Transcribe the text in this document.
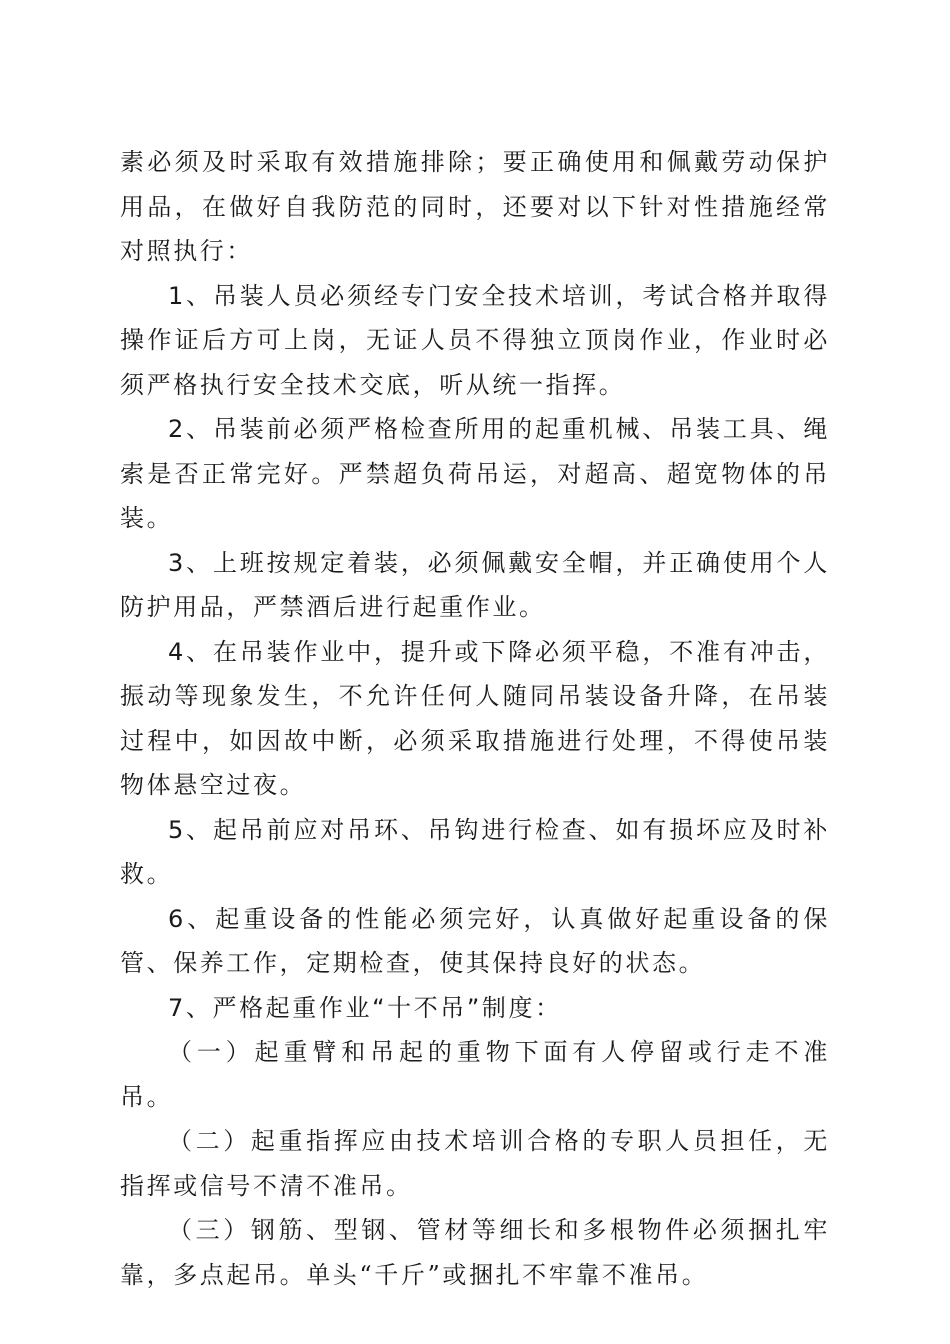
素必须及时采取有效措施排除；要正确使用和佩戴劳动保护用品，在做好自我防范的同时，还要对以下针对性措施经常对照执行：

1、吊装人员必须经专门安全技术培训，考试合格并取得操作证后方可上岗，无证人员不得独立顶岗作业，作业时必须严格执行安全技术交底，听从统一指挥。

2、吊装前必须严格检查所用的起重机械、吊装工具、绳索是否正常完好。严禁超负荷吊运，对超高、超宽物体的吊装。

3、上班按规定着装，必须佩戴安全帽，并正确使用个人防护用品，严禁酒后进行起重作业。

4、在吊装作业中，提升或下降必须平稳，不准有冲击，振动等现象发生，不允许任何人随同吊装设备升降，在吊装过程中，如因故中断，必须采取措施进行处理，不得使吊装物体悬空过夜。

5、起吊前应对吊环、吊钩进行检查、如有损坏应及时补救。

6、起重设备的性能必须完好，认真做好起重设备的保管、保养工作，定期检查，使其保持良好的状态。

7、严格起重作业“十不吊”制度：

（一）起重臂和吊起的重物下面有人停留或行走不准吊。

（二）起重指挥应由技术培训合格的专职人员担任，无指挥或信号不清不准吊。

（三）钢筋、型钢、管材等细长和多根物件必须捆扎牢靠，多点起吊。单头“千斤”或捆扎不牢靠不准吊。
